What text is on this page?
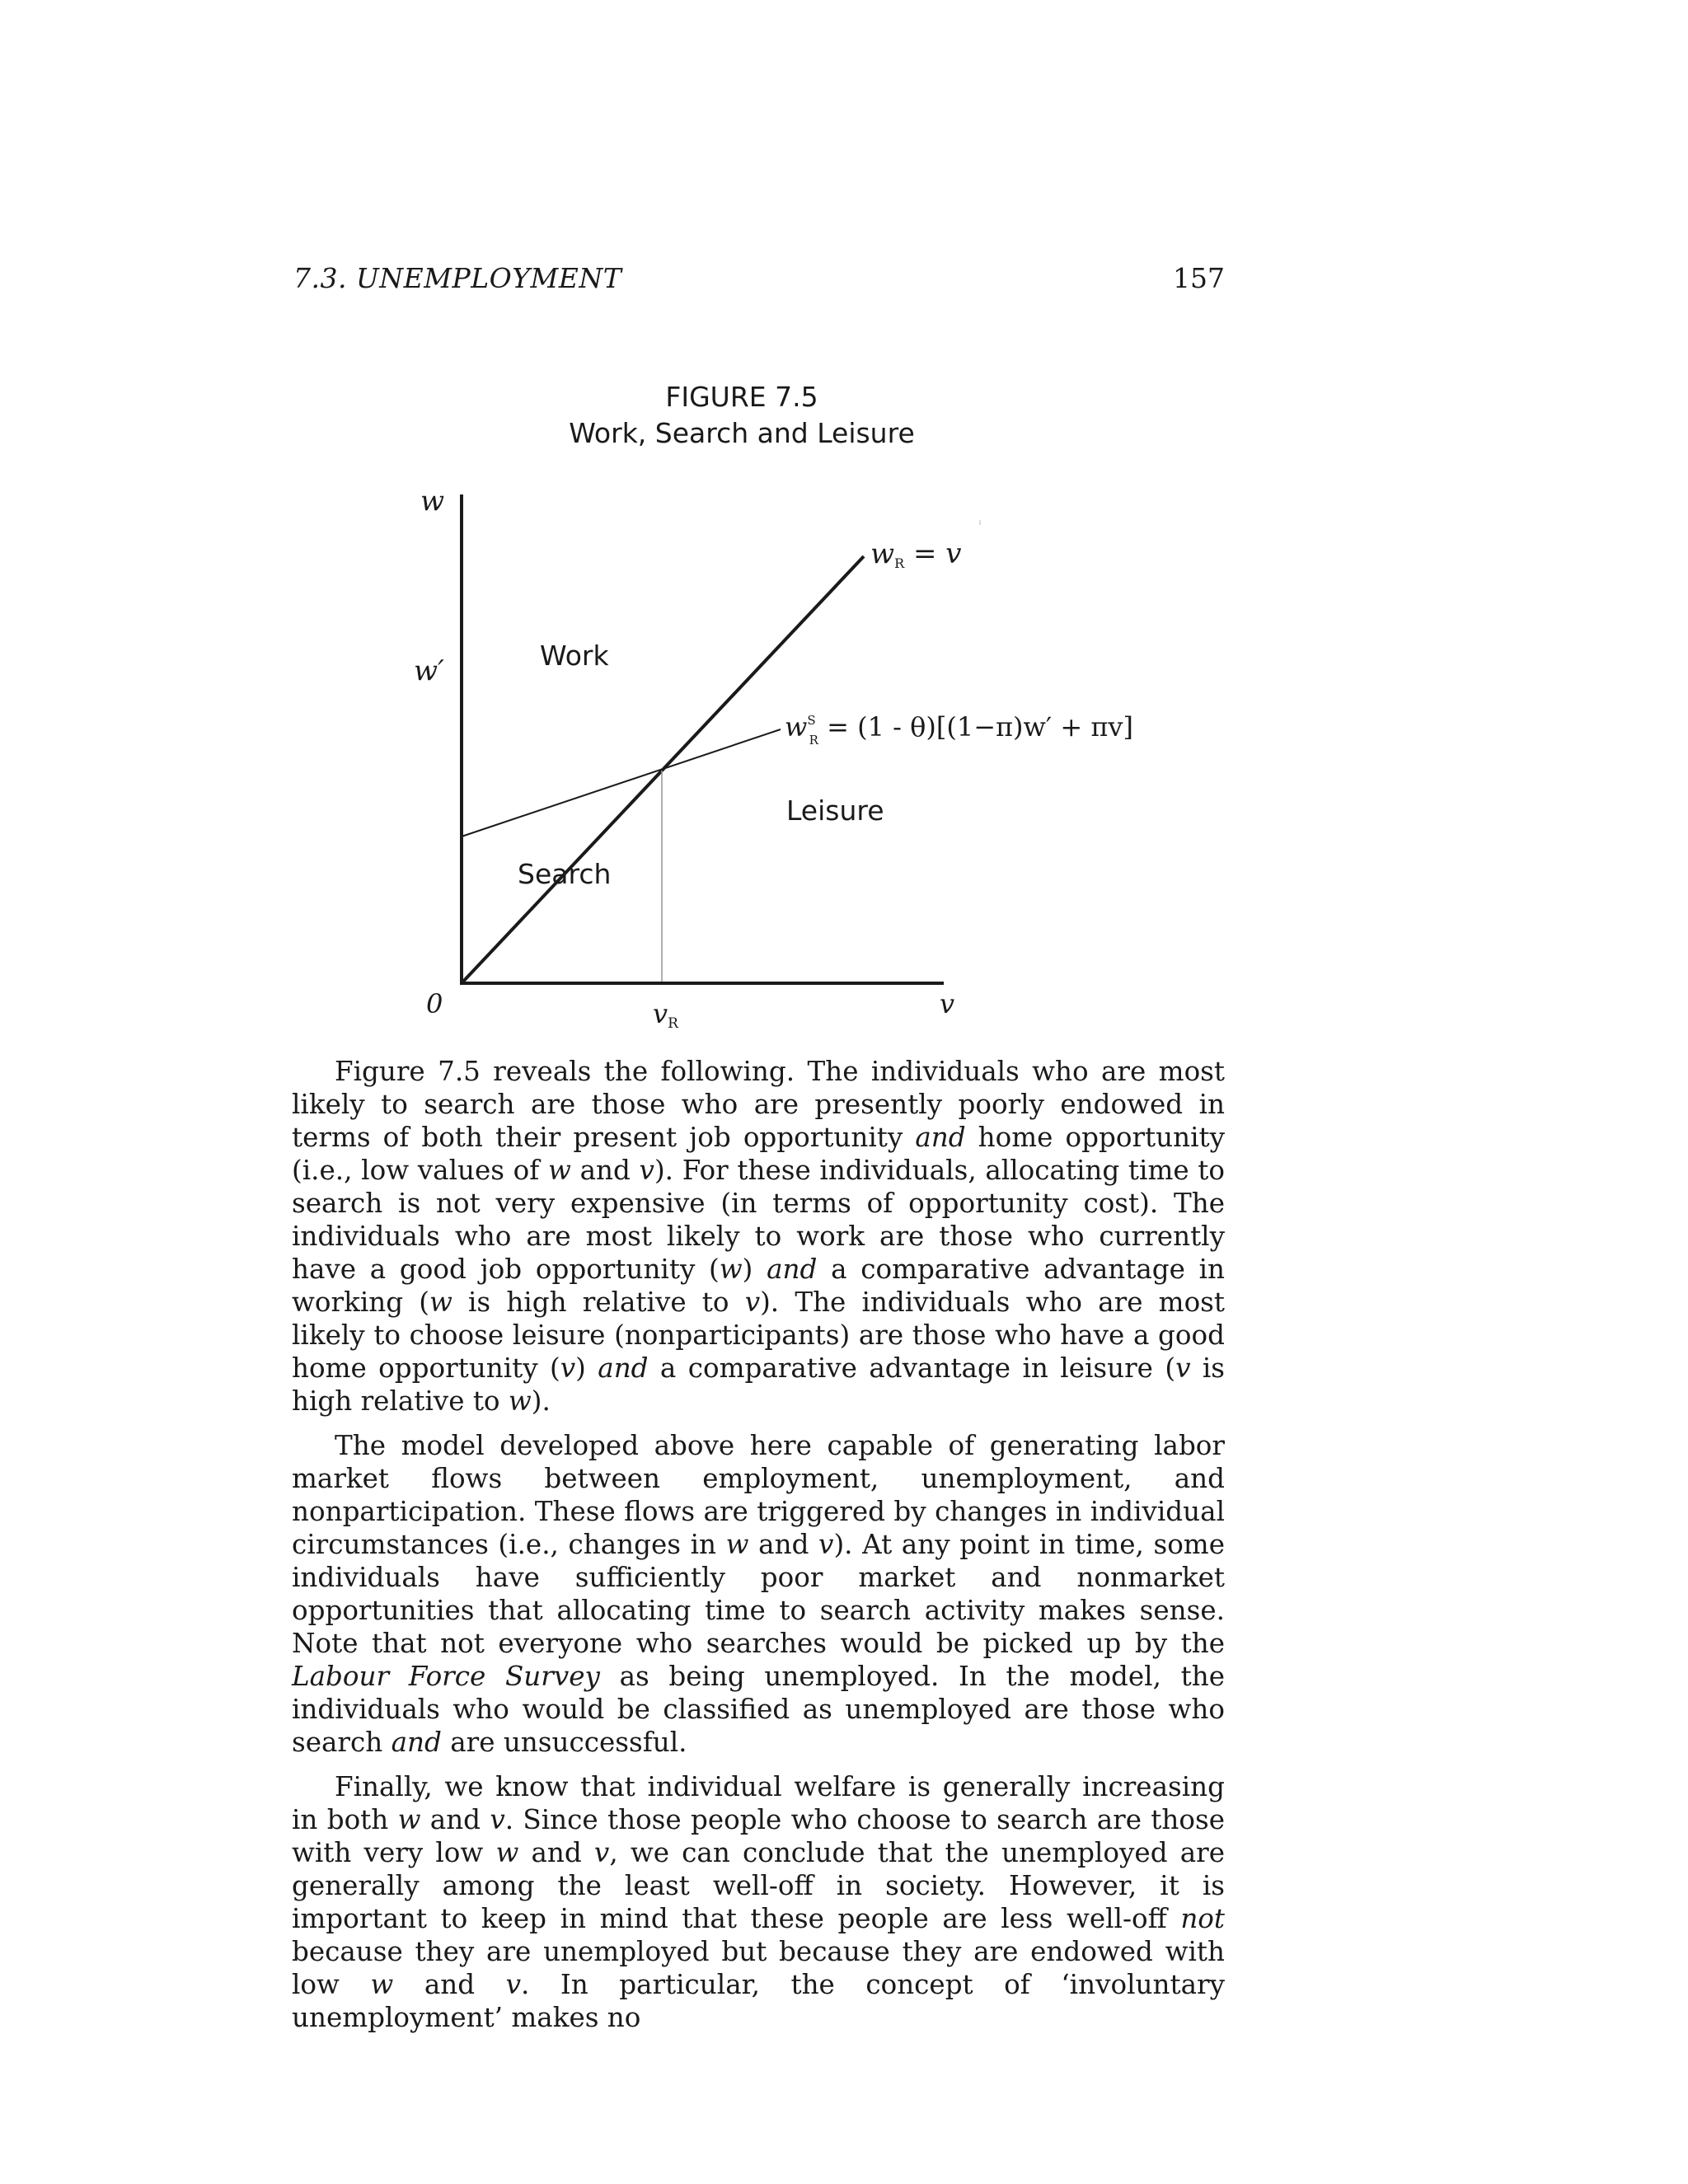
7.3. UNEMPLOYMENT	157
FIGURE 7.5
Work, Search and Leisure
w
w′
0	vR
v
wR = v
$w^S$ R = (1 - θ)[(1−π)w′ + πv]
Work
Search
Leisure

Figure 7.5 reveals the following. The individuals who are most likely to search are those who are presently poorly endowed in terms of both their present job opportunity and home opportunity (i.e., low values of w and v). For these individuals, allocating time to search is not very expensive (in terms of opportunity cost). The individuals who are most likely to work are those who currently have a good job opportunity (w) and a comparative advantage in working (w is high relative to v). The individuals who are most likely to choose leisure (nonparticipants) are those who have a good home opportunity (v) and a comparative advantage in leisure (v is high relative to w).

The model developed above here capable of generating labor market flows between employment, unemployment, and nonparticipation. These flows are triggered by changes in individual circumstances (i.e., changes in w and v). At any point in time, some individuals have sufficiently poor market and nonmarket opportunities that allocating time to search activity makes sense. Note that not everyone who searches would be picked up by the Labour Force Survey as being unemployed. In the model, the individuals who would be classified as unemployed are those who search and are unsuccessful.

Finally, we know that individual welfare is generally increasing in both w and v. Since those people who choose to search are those with very low w and v, we can conclude that the unemployed are generally among the least well-off in society. However, it is important to keep in mind that these people are less well-off not because they are unemployed but because they are endowed with low w and v. In particular, the concept of ‘involuntary unemployment’ makes no
